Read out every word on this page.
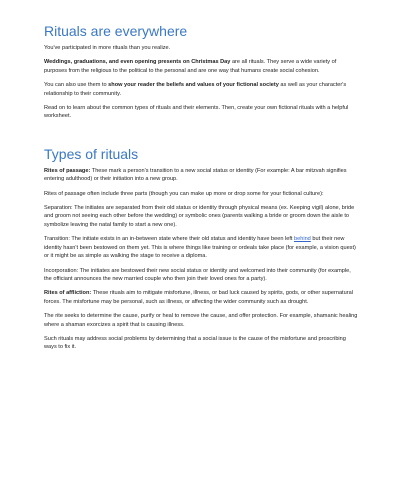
Rituals are everywhere

You've participated in more rituals than you realize.

Weddings, graduations, and even opening presents on Christmas Day are all rituals. They serve a wide variety of purposes from the religious to the political to the personal and are one way that humans create social cohesion.

You can also use them to show your reader the beliefs and values of your fictional society as well as your character's relationship to their community.

Read on to learn about the common types of rituals and their elements. Then, create your own fictional rituals with a helpful worksheet.

Types of rituals

Rites of passage: These mark a person's transition to a new social status or identity (For example: A bar mitzvah signifies entering adulthood) or their initiation into a new group.

Rites of passage often include three parts (though you can make up more or drop some for your fictional culture):

Separation: The initiates are separated from their old status or identity through physical means (ex. Keeping vigil) alone, bride and groom not seeing each other before the wedding) or symbolic ones (parents walking a bride or groom down the aisle to symbolize leaving the natal family to start a new one).

Transition: The initiate exists in an in-between state where their old status and identity have been left behind but their new identity hasn't been bestowed on them yet. This is where things like training or ordeals take place (for example, a vision quest) or it might be as simple as walking the stage to receive a diploma.

Incorporation: The initiates are bestowed their new social status or identity and welcomed into their community (for example, the officiant announces the new married couple who then join their loved ones for a party).

Rites of affliction: These rituals aim to mitigate misfortune, illness, or bad luck caused by spirits, gods, or other supernatural forces. The misfortune may be personal, such as illness, or affecting the wider community such as drought.

The rite seeks to determine the cause, purify or heal to remove the cause, and offer protection. For example, shamanic healing where a shaman exorcizes a spirit that is causing illness.

Such rituals may address social problems by determining that a social issue is the cause of the misfortune and proscribing ways to fix it.
